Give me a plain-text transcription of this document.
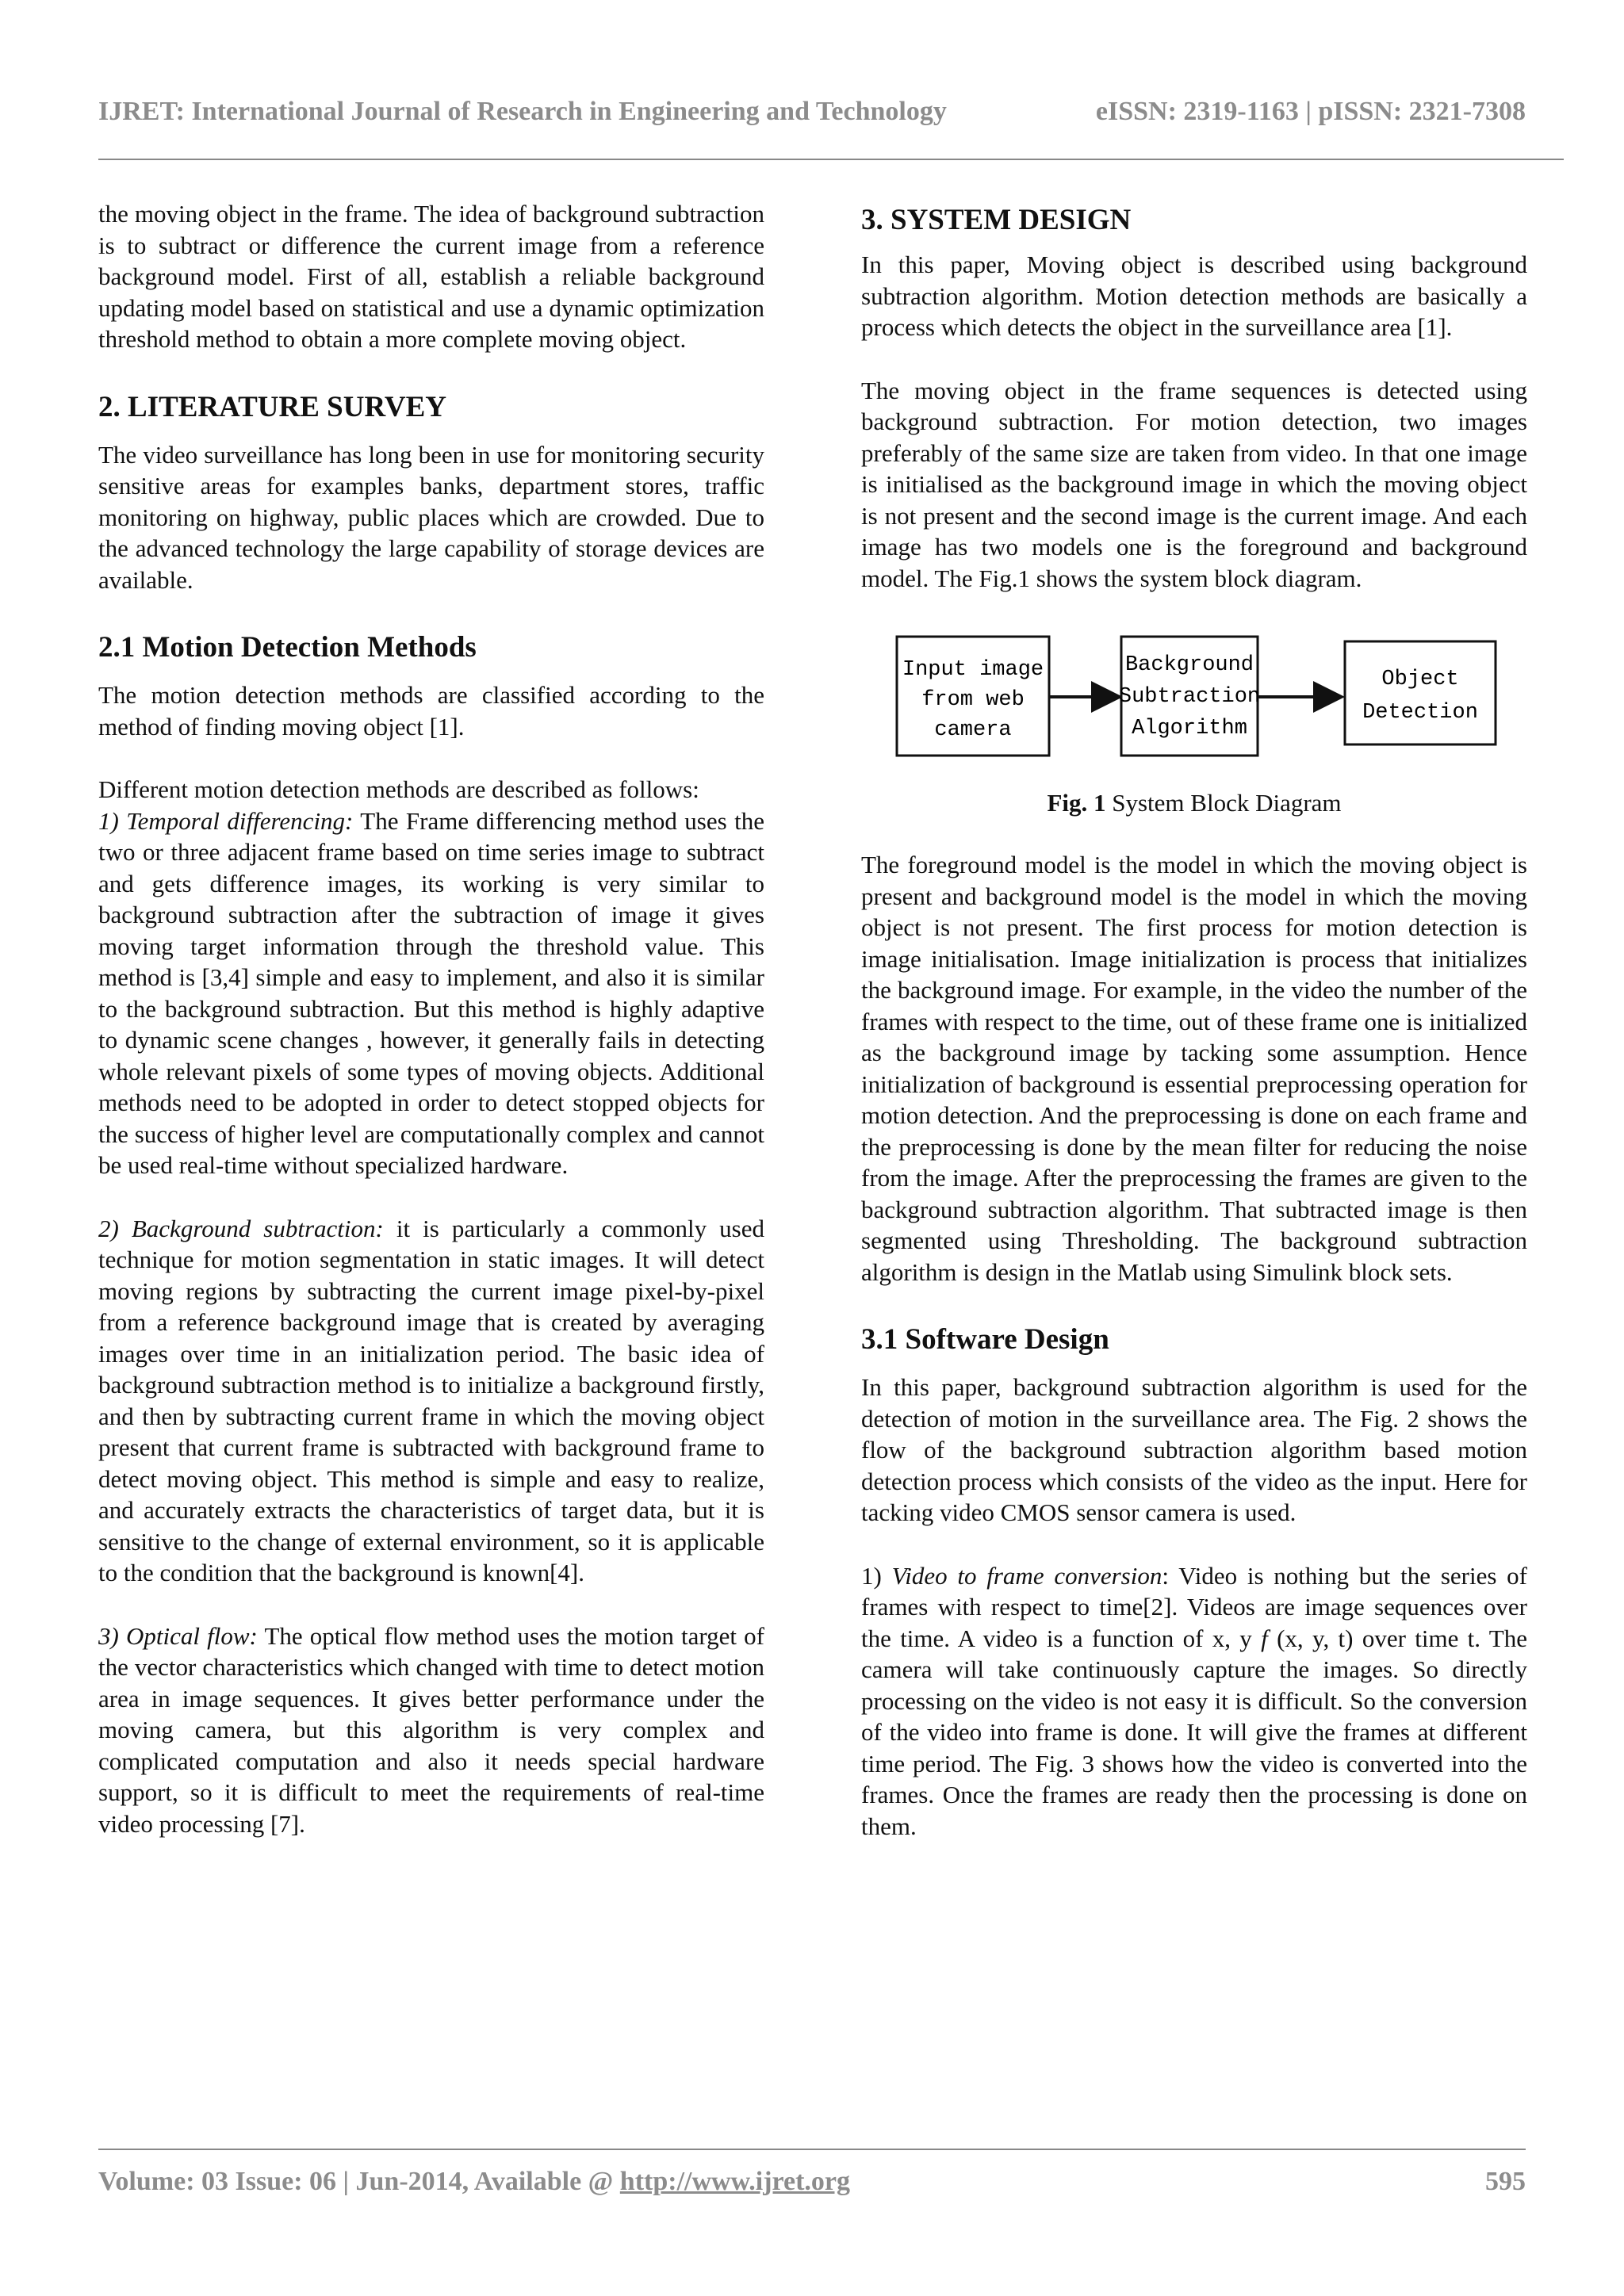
IJRET: International Journal of Research in Engineering and Technology	eISSN: 2319-1163 | pISSN: 2321-7308

the moving object in the frame. The idea of background subtraction is to subtract or difference the current image from a reference background model. First of all, establish a reliable background updating model based on statistical and use a dynamic optimization threshold method to obtain a more complete moving object.

2. LITERATURE SURVEY

The video surveillance has long been in use for monitoring security sensitive areas for examples banks, department stores, traffic monitoring on highway, public places which are crowded. Due to the advanced technology the large capability of storage devices are available.

2.1 Motion Detection Methods

The motion detection methods are classified according to the method of finding moving object [1].

Different motion detection methods are described as follows:

1) Temporal differencing: The Frame differencing method uses the two or three adjacent frame based on time series image to subtract and gets difference images, its working is very similar to background subtraction after the subtraction of image it gives moving target information through the threshold value. This method is [3,4] simple and easy to implement, and also it is similar to the background subtraction. But this method is highly adaptive to dynamic scene changes , however, it generally fails in detecting whole relevant pixels of some types of moving objects. Additional methods need to be adopted in order to detect stopped objects for the success of higher level are computationally complex and cannot be used real-time without specialized hardware.

2) Background subtraction: it is particularly a commonly used technique for motion segmentation in static images. It will detect moving regions by subtracting the current image pixel-by-pixel from a reference background image that is created by averaging images over time in an initialization period. The basic idea of background subtraction method is to initialize a background firstly, and then by subtracting current frame in which the moving object present that current frame is subtracted with background frame to detect moving object. This method is simple and easy to realize, and accurately extracts the characteristics of target data, but it is sensitive to the change of external environment, so it is applicable to the condition that the background is known[4].

3) Optical flow: The optical flow method uses the motion target of the vector characteristics which changed with time to detect motion area in image sequences. It gives better performance under the moving camera, but this algorithm is very complex and complicated computation and also it needs special hardware support, so it is difficult to meet the requirements of real-time video processing [7].

3. SYSTEM DESIGN

In this paper, Moving object is described using background subtraction algorithm. Motion detection methods are basically a process which detects the object in the surveillance area [1].

The moving object in the frame sequences is detected using background subtraction. For motion detection, two images preferably of the same size are taken from video. In that one image is initialised as the background image in which the moving object is not present and the second image is the current image. And each image has two models one is the foreground and background model. The Fig.1 shows the system block diagram.

Input image
from web
camera
Background
Subtraction
Algorithm
Object
Detection
Fig. 1 System Block Diagram

The foreground model is the model in which the moving object is present and background model is the model in which the moving object is not present. The first process for motion detection is image initialisation. Image initialization is process that initializes the background image. For example, in the video the number of the frames with respect to the time, out of these frame one is initialized as the background image by tacking some assumption. Hence initialization of background is essential preprocessing operation for motion detection. And the preprocessing is done on each frame and the preprocessing is done by the mean filter for reducing the noise from the image. After the preprocessing the frames are given to the background subtraction algorithm. That subtracted image is then segmented using Thresholding. The background subtraction algorithm is design in the Matlab using Simulink block sets.

3.1 Software Design

In this paper, background subtraction algorithm is used for the detection of motion in the surveillance area. The Fig. 2 shows the flow of the background subtraction algorithm based motion detection process which consists of the video as the input. Here for tacking video CMOS sensor camera is used.

1) Video to frame conversion: Video is nothing but the series of frames with respect to time[2]. Videos are image sequences over the time. A video is a function of x, y f (x, y, t) over time t. The camera will take continuously capture the images. So directly processing on the video is not easy it is difficult. So the conversion of the video into frame is done. It will give the frames at different time period. The Fig. 3 shows how the video is converted into the frames. Once the frames are ready then the processing is done on them.

Volume: 03 Issue: 06 | Jun-2014, Available @ http://www.ijret.org	595
